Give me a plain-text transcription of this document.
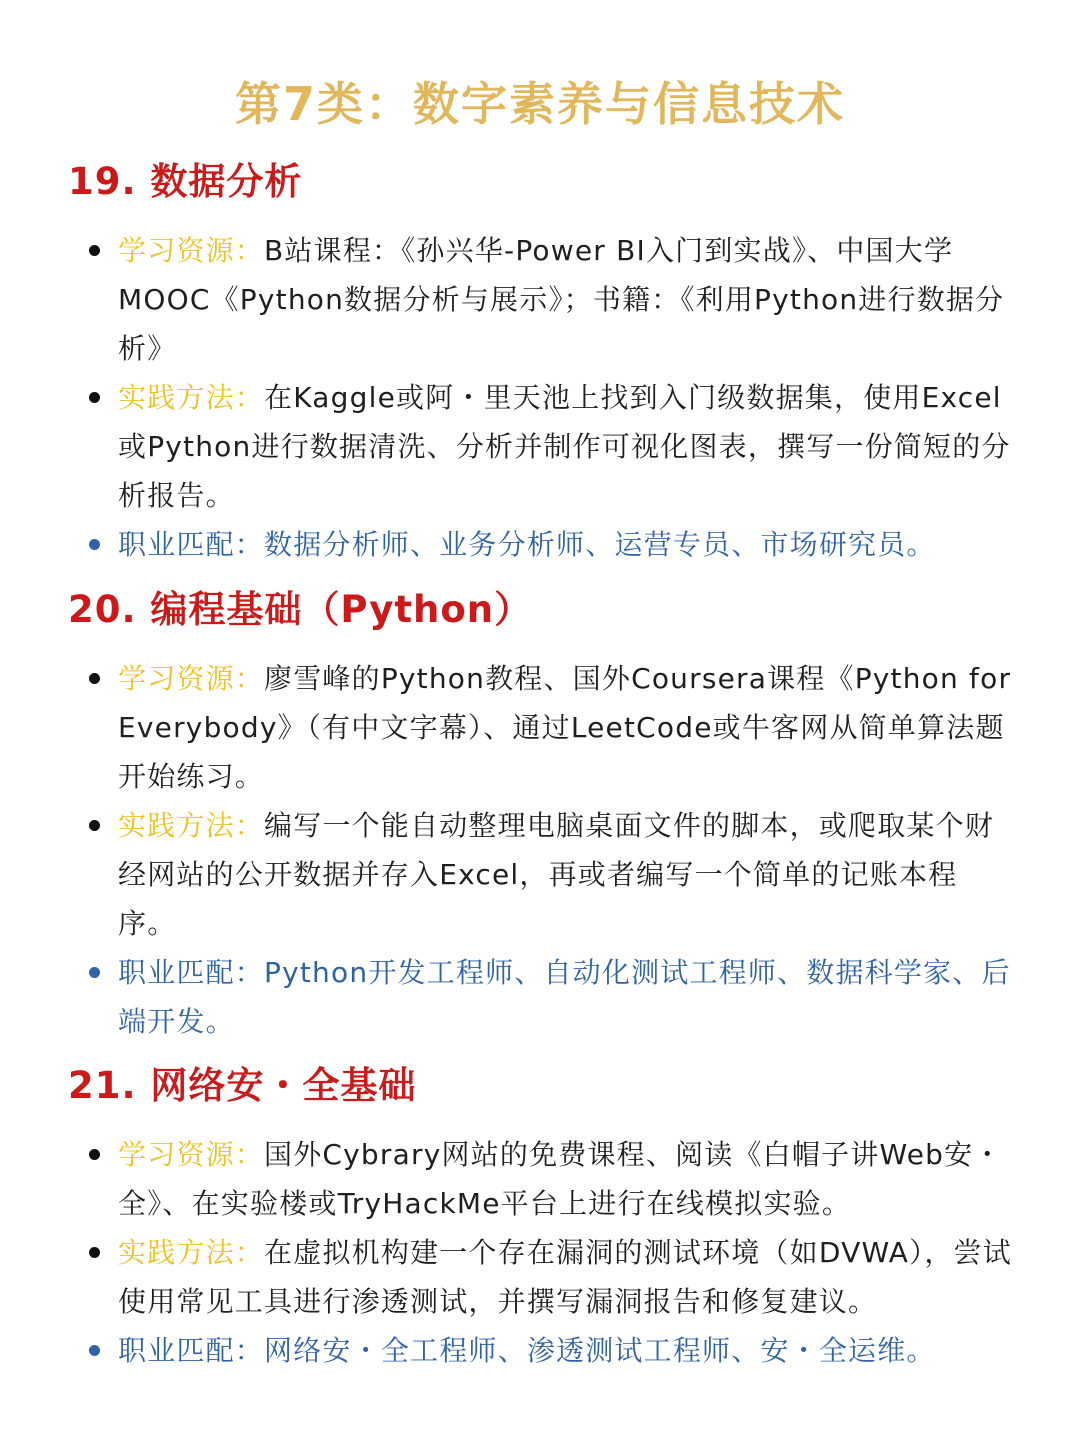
第7类：数字素养与信息技术
19. 数据分析
学习资源：B站课程：《孙兴华-Power BI入门到实战》、中国大学MOOC《Python数据分析与展示》；书籍：《利用Python进行数据分析》
实践方法：在Kaggle或阿・里天池上找到入门级数据集，使用Excel或Python进行数据清洗、分析并制作可视化图表，撰写一份简短的分析报告。
职业匹配：数据分析师、业务分析师、运营专员、市场研究员。
20. 编程基础（Python）
学习资源：廖雪峰的Python教程、国外Coursera课程《Python for Everybody》（有中文字幕）、通过LeetCode或牛客网从简单算法题开始练习。
实践方法：编写一个能自动整理电脑桌面文件的脚本，或爬取某个财经网站的公开数据并存入Excel，再或者编写一个简单的记账本程序。
职业匹配：Python开发工程师、自动化测试工程师、数据科学家、后端开发。
21. 网络安・全基础
学习资源：国外Cybrary网站的免费课程、阅读《白帽子讲Web安・全》、在实验楼或TryHackMe平台上进行在线模拟实验。
实践方法：在虚拟机构建一个存在漏洞的测试环境（如DVWA），尝试使用常见工具进行渗透测试，并撰写漏洞报告和修复建议。
职业匹配：网络安・全工程师、渗透测试工程师、安・全运维。
